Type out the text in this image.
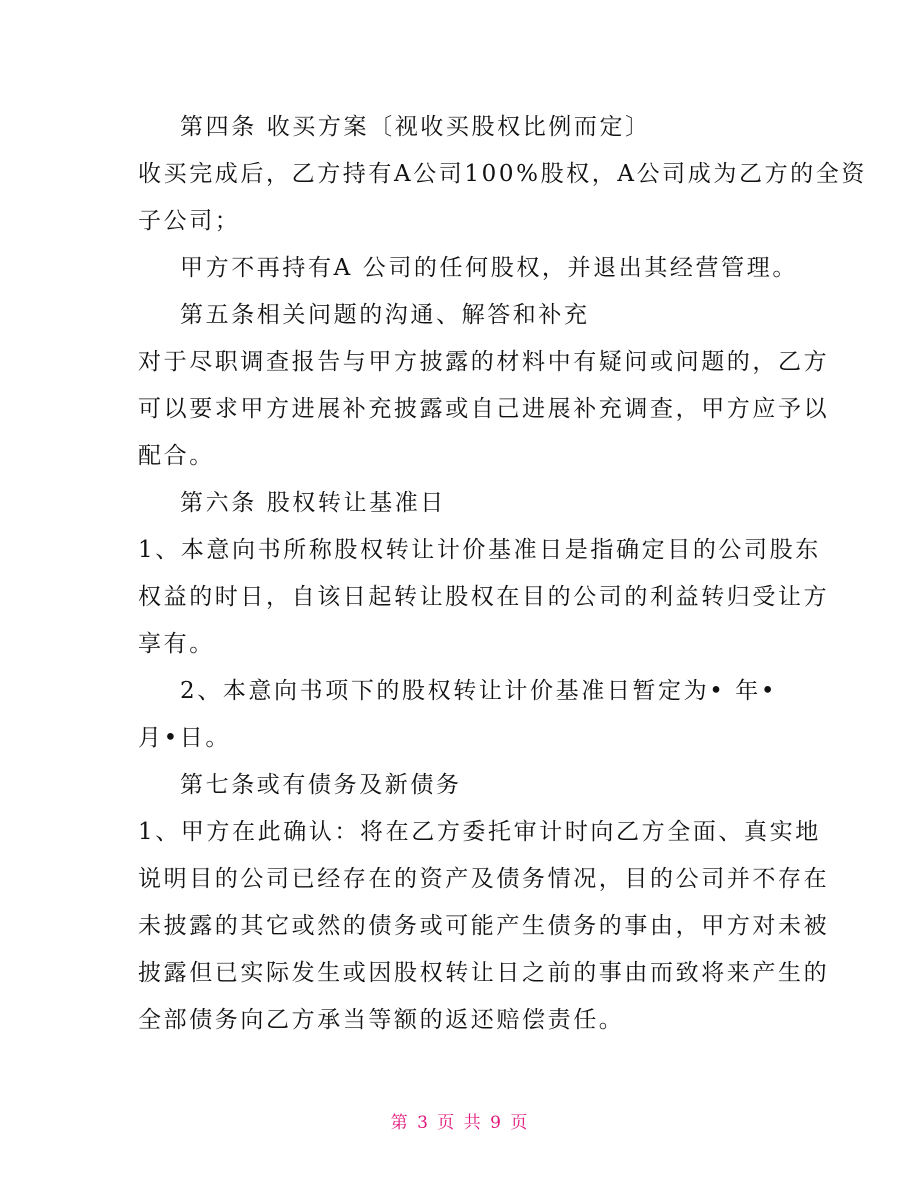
第四条 收买方案〔视收买股权比例而定〕
收买完成后，乙方持有A公司100%股权，A公司成为乙方的全资
子公司；
甲方不再持有A 公司的任何股权，并退出其经营管理。
第五条相关问题的沟通、解答和补充
对于尽职调查报告与甲方披露的材料中有疑问或问题的，乙方
可以要求甲方进展补充披露或自己进展补充调查，甲方应予以
配合。
第六条 股权转让基准日
1、本意向书所称股权转让计价基准日是指确定目的公司股东
权益的时日，自该日起转让股权在目的公司的利益转归受让方
享有。
2、本意向书项下的股权转让计价基准日暂定为• 年•
月•日。
第七条或有债务及新债务
1、甲方在此确认：将在乙方委托审计时向乙方全面、真实地
说明目的公司已经存在的资产及债务情况，目的公司并不存在
未披露的其它或然的债务或可能产生债务的事由，甲方对未被
披露但已实际发生或因股权转让日之前的事由而致将来产生的
全部债务向乙方承当等额的返还赔偿责任。
第 3 页 共 9 页
